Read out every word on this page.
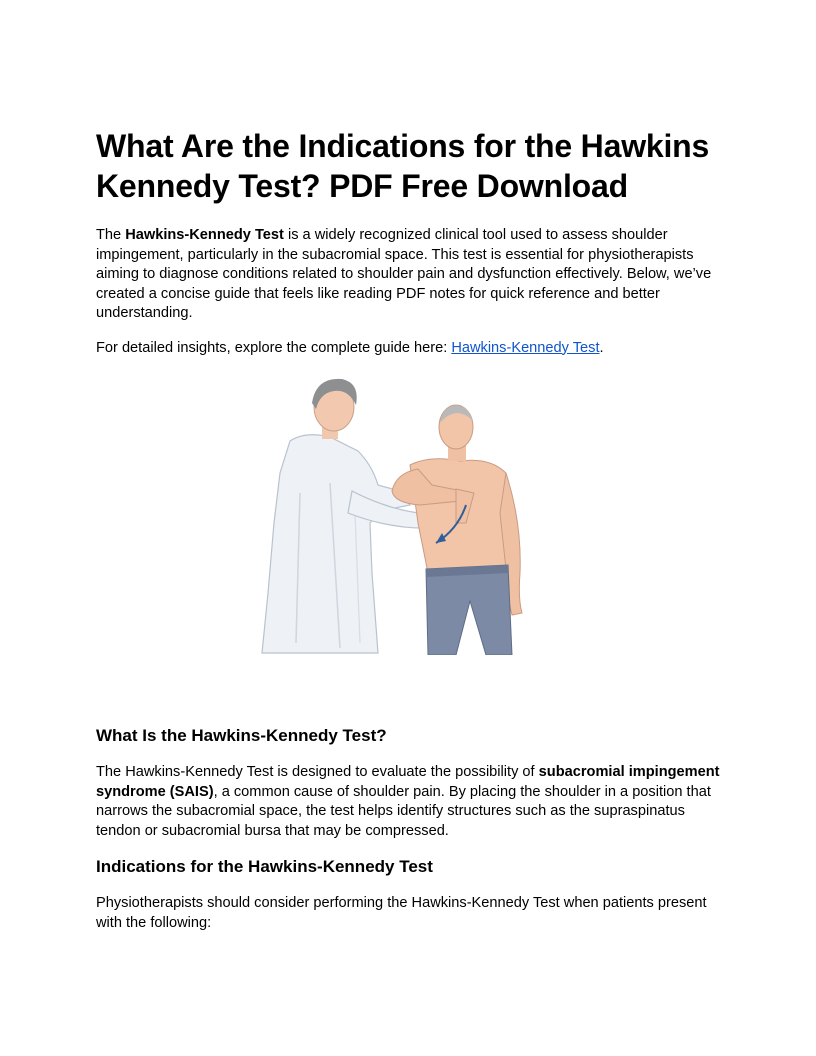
What Are the Indications for the Hawkins Kennedy Test? PDF Free Download

The Hawkins-Kennedy Test is a widely recognized clinical tool used to assess shoulder impingement, particularly in the subacromial space. This test is essential for physiotherapists aiming to diagnose conditions related to shoulder pain and dysfunction effectively. Below, we’ve created a concise guide that feels like reading PDF notes for quick reference and better understanding.

For detailed insights, explore the complete guide here: Hawkins-Kennedy Test.

What Is the Hawkins-Kennedy Test?

The Hawkins-Kennedy Test is designed to evaluate the possibility of subacromial impingement syndrome (SAIS), a common cause of shoulder pain. By placing the shoulder in a position that narrows the subacromial space, the test helps identify structures such as the supraspinatus tendon or subacromial bursa that may be compressed.

Indications for the Hawkins-Kennedy Test

Physiotherapists should consider performing the Hawkins-Kennedy Test when patients present with the following:
